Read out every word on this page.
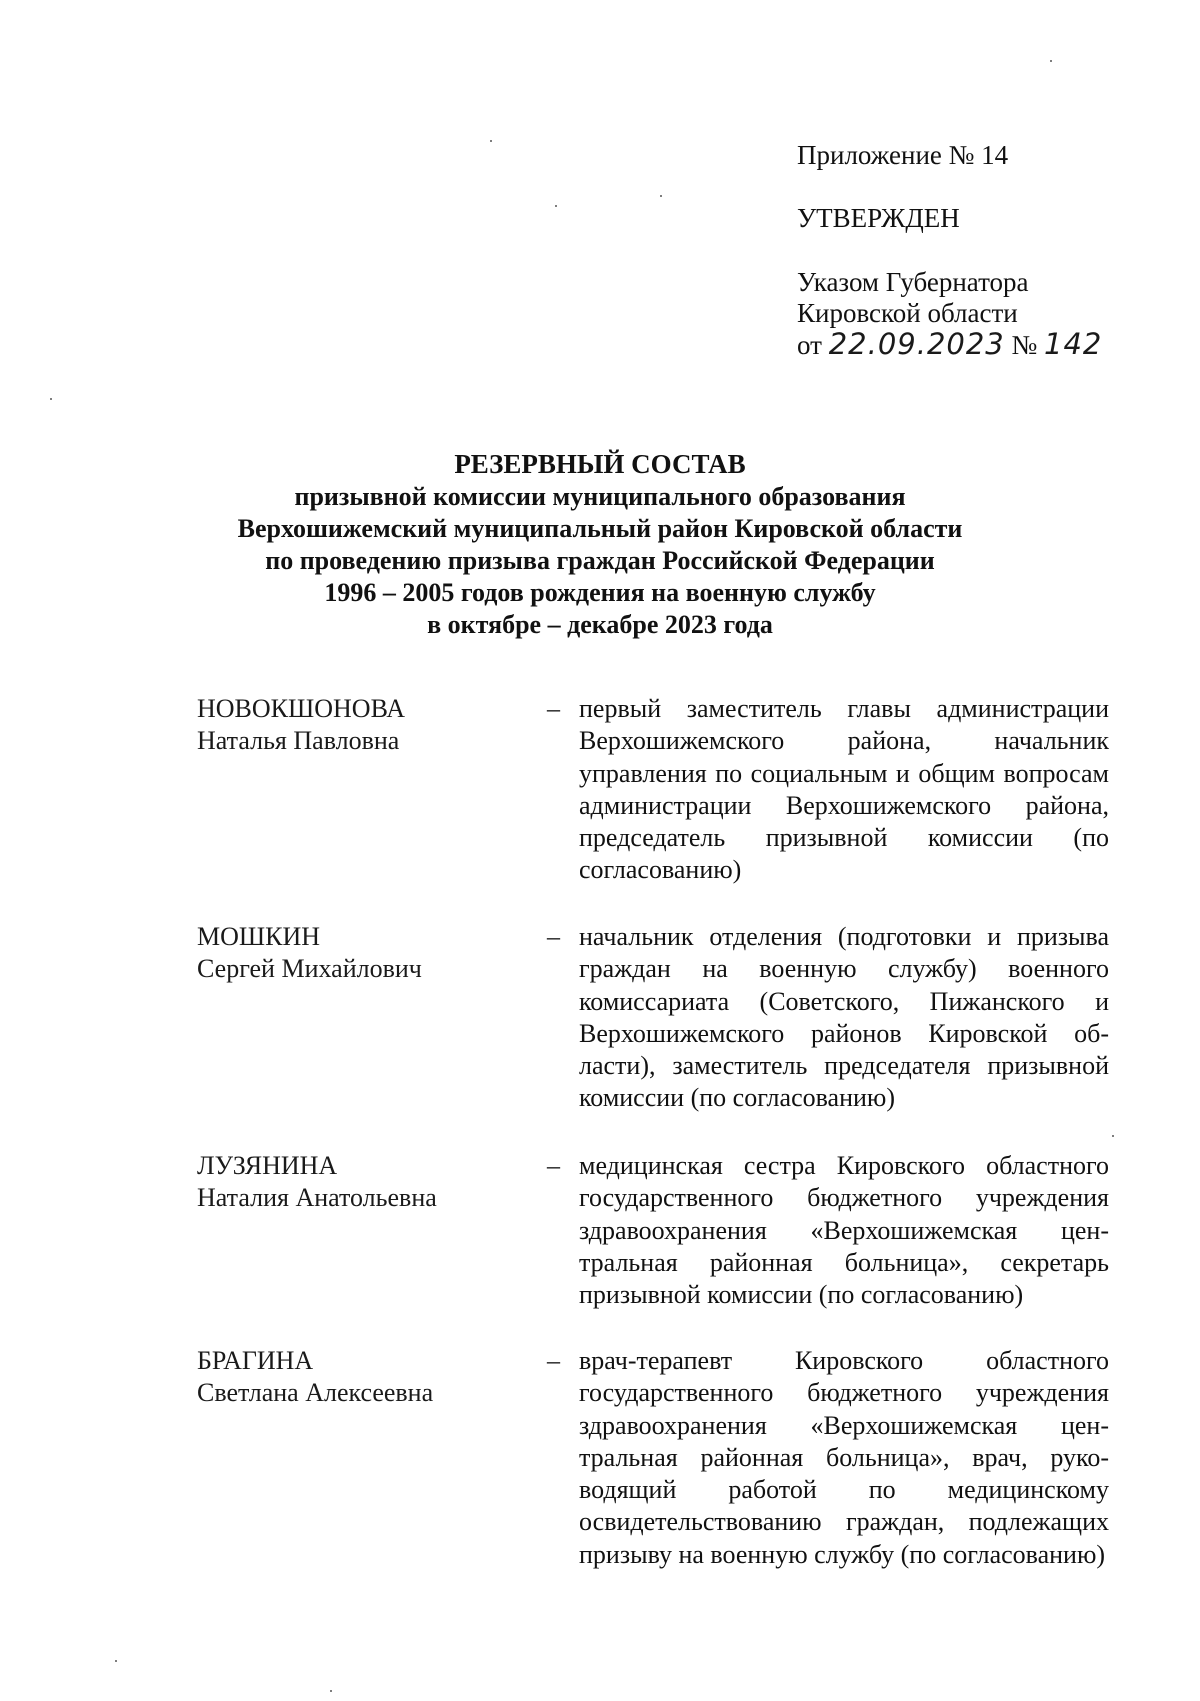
Приложение № 14
УТВЕРЖДЕН
Указом Губернатора
Кировской области
от 22.09.2023 № 142
РЕЗЕРВНЫЙ СОСТАВ
призывной комиссии муниципального образования
Верхошижемский муниципальный район Кировской области
по проведению призыва граждан Российской Федерации
1996 – 2005 годов рождения на военную службу
в октябре – декабре 2023 года
НОВОКШОНОВА
Наталья Павловна
– первый заместитель главы администрации Верхошижемского района, начальник управления по социальным и общим вопросам администрации Верхошижемского района, председатель призывной комиссии (по согласованию)
МОШКИН
Сергей Михайлович
– начальник отделения (подготовки и призыва граждан на военную службу) военного комиссариата (Советского, Пижанского и Верхошижемского районов Кировской области), заместитель председателя призывной комиссии (по согласованию)
ЛУЗЯНИНА
Наталия Анатольевна
– медицинская сестра Кировского областного государственного бюджетного учреждения здравоохранения «Верхошижемская центральная районная больница», секретарь призывной комиссии (по согласованию)
БРАГИНА
Светлана Алексеевна
– врач-терапевт Кировского областного государственного бюджетного учреждения здравоохранения «Верхошижемская центральная районная больница», врач, руководящий работой по медицинскому освидетельствованию граждан, подлежащих призыву на военную службу (по согласованию)
